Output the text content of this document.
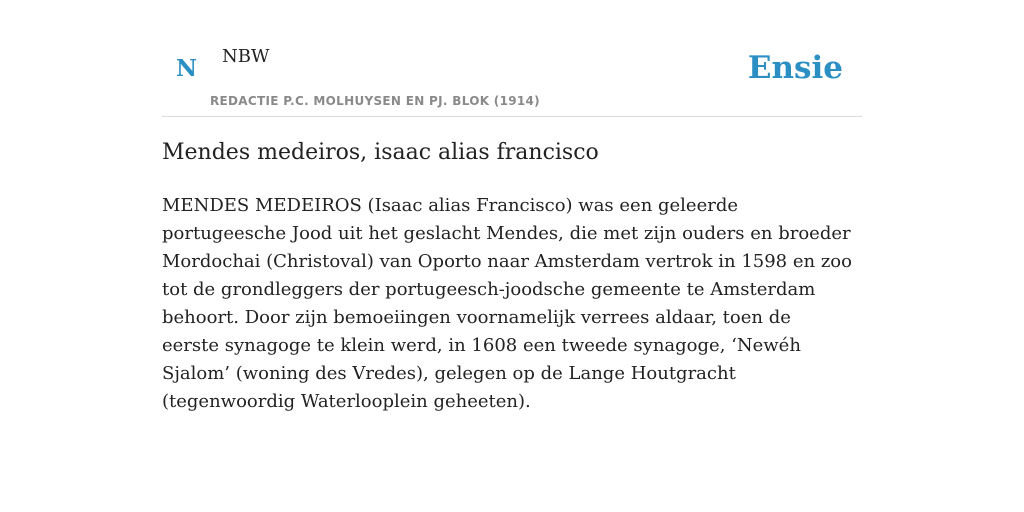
N NBW
REDACTIE P.C. MOLHUYSEN EN PJ. BLOK (1914)
Ensie
Mendes medeiros, isaac alias francisco

MENDES MEDEIROS (Isaac alias Francisco) was een geleerde portugeesche Jood uit het geslacht Mendes, die met zijn ouders en broeder Mordochai (Christoval) van Oporto naar Amsterdam vertrok in 1598 en zoo tot de grondleggers der portugeesch-joodsche gemeente te Amsterdam behoort. Door zijn bemoeiingen voornamelijk verrees aldaar, toen de eerste synagoge te klein werd, in 1608 een tweede synagoge, ‘Newéh Sjalom’ (woning des Vredes), gelegen op de Lange Houtgracht (tegenwoordig Waterlooplein geheeten).
